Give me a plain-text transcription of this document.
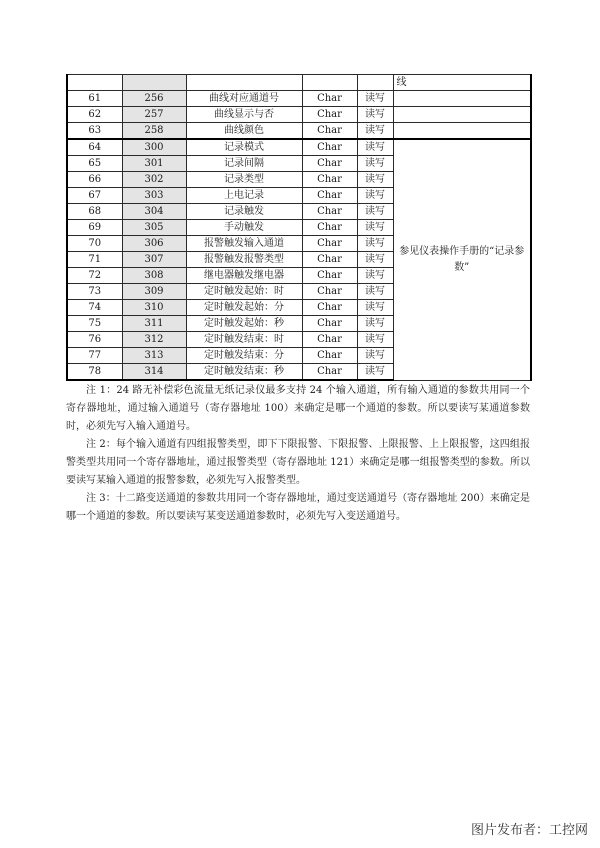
					线
61	256	曲线对应通道号	Char	读写	
62	257	曲线显示与否	Char	读写	
63	258	曲线颜色	Char	读写	
64	300	记录模式	Char	读写	参见仪表操作手册的“记录参数”
65	301	记录间隔	Char	读写	
66	302	记录类型	Char	读写	
67	303	上电记录	Char	读写	
68	304	记录触发	Char	读写	
69	305	手动触发	Char	读写	
70	306	报警触发输入通道	Char	读写	
71	307	报警触发报警类型	Char	读写	
72	308	继电器触发继电器	Char	读写	
73	309	定时触发起始：时	Char	读写	
74	310	定时触发起始：分	Char	读写	
75	311	定时触发起始：秒	Char	读写	
76	312	定时触发结束：时	Char	读写	
77	313	定时触发结束：分	Char	读写	
78	314	定时触发结束：秒	Char	读写	

注 1：24 路无补偿彩色流量无纸记录仪最多支持 24 个输入通道，所有输入通道的参数共用同一个寄存器地址，通过输入通道号（寄存器地址 100）来确定是哪一个通道的参数。所以要读写某通道参数时，必须先写入输入通道号。

注 2：每个输入通道有四组报警类型，即下下限报警、下限报警、上限报警、上上限报警，这四组报警类型共用同一个寄存器地址，通过报警类型（寄存器地址 121）来确定是哪一组报警类型的参数。所以要读写某输入通道的报警参数，必须先写入报警类型。

注 3：十二路变送通道的参数共用同一个寄存器地址，通过变送通道号（寄存器地址 200）来确定是哪一个通道的参数。所以要读写某变送通道参数时，必须先写入变送通道号。

图片发布者：工控网
